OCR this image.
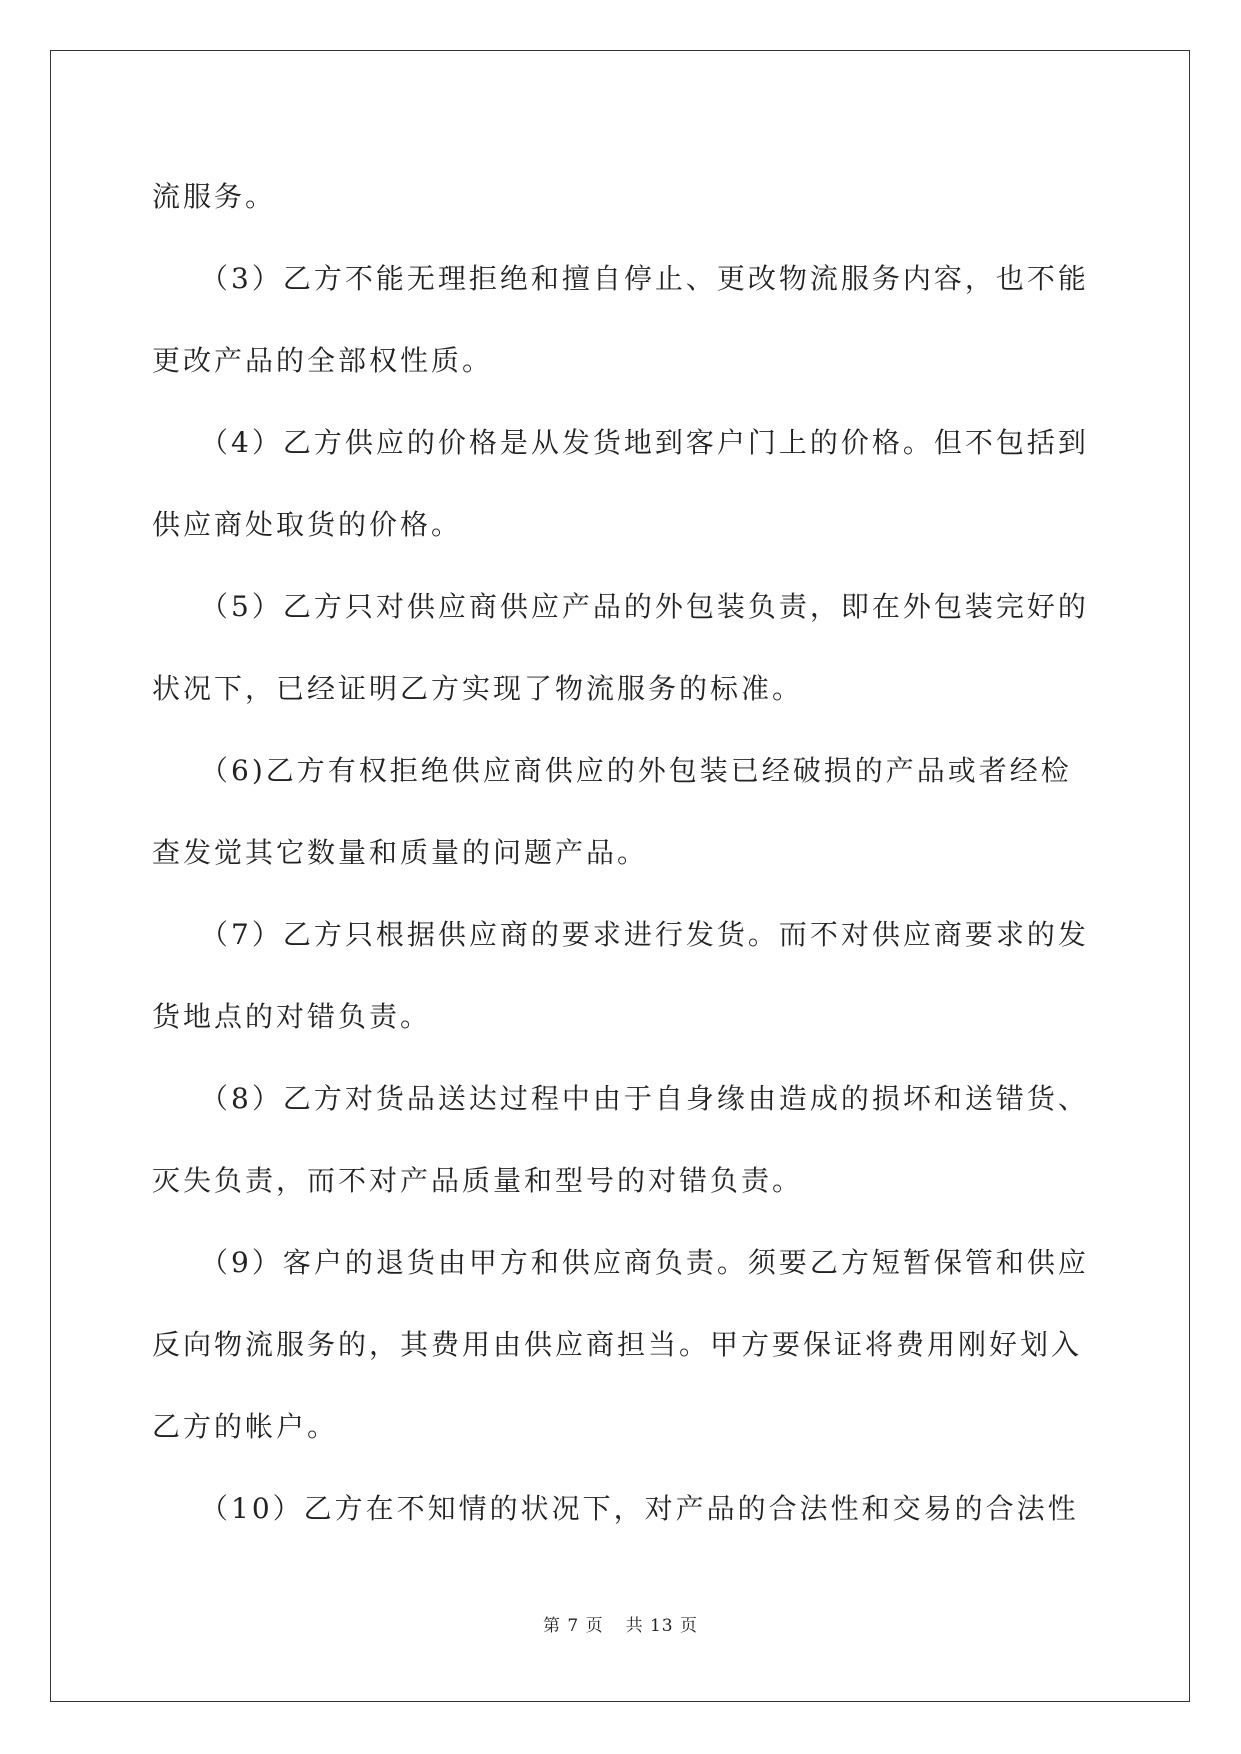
流服务。
　　（3）乙方不能无理拒绝和擅自停止、更改物流服务内容，也不能
更改产品的全部权性质。
　　（4）乙方供应的价格是从发货地到客户门上的价格。但不包括到
供应商处取货的价格。
　　（5）乙方只对供应商供应产品的外包装负责，即在外包装完好的
状况下，已经证明乙方实现了物流服务的标准。
　　（6)乙方有权拒绝供应商供应的外包装已经破损的产品或者经检
查发觉其它数量和质量的问题产品。
　　（7）乙方只根据供应商的要求进行发货。而不对供应商要求的发
货地点的对错负责。
　　（8）乙方对货品送达过程中由于自身缘由造成的损坏和送错货、
灭失负责，而不对产品质量和型号的对错负责。
　　（9）客户的退货由甲方和供应商负责。须要乙方短暂保管和供应
反向物流服务的，其费用由供应商担当。甲方要保证将费用刚好划入
乙方的帐户。
　　（10）乙方在不知情的状况下，对产品的合法性和交易的合法性
第 7 页 共 13 页
